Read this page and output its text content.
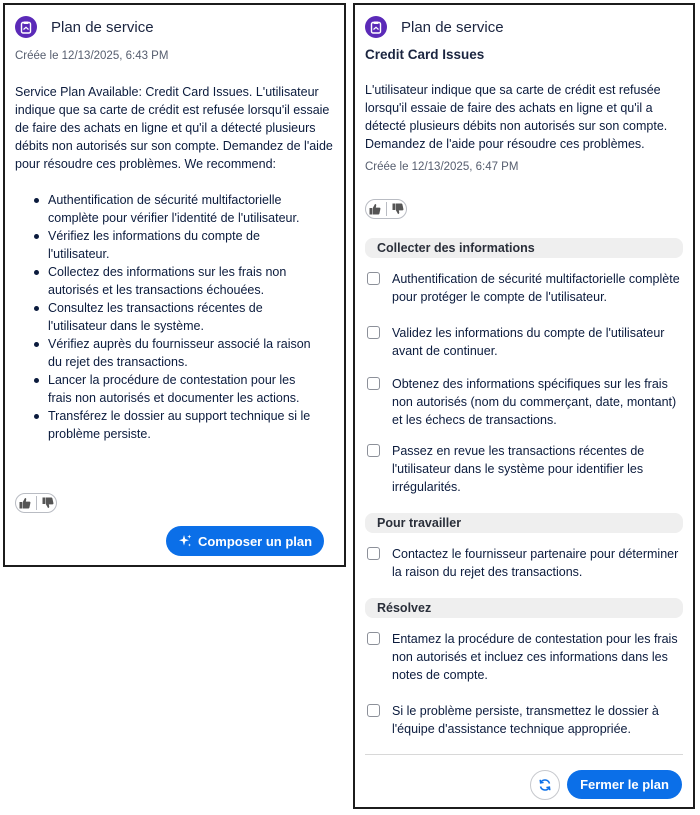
Plan de service
Créée le 12/13/2025, 6:43 PM
Service Plan Available: Credit Card Issues. L'utilisateur indique que sa carte de crédit est refusée lorsqu'il essaie de faire des achats en ligne et qu'il a détecté plusieurs débits non autorisés sur son compte. Demandez de l'aide pour résoudre ces problèmes. We recommend:
Authentification de sécurité multifactorielle complète pour vérifier l'identité de l'utilisateur.
Vérifiez les informations du compte de l'utilisateur.
Collectez des informations sur les frais non autorisés et les transactions échouées.
Consultez les transactions récentes de l'utilisateur dans le système.
Vérifiez auprès du fournisseur associé la raison du rejet des transactions.
Lancer la procédure de contestation pour les frais non autorisés et documenter les actions.
Transférez le dossier au support technique si le problème persiste.
Composer un plan
Plan de service
Credit Card Issues
L'utilisateur indique que sa carte de crédit est refusée lorsqu'il essaie de faire des achats en ligne et qu'il a détecté plusieurs débits non autorisés sur son compte. Demandez de l'aide pour résoudre ces problèmes.
Créée le 12/13/2025, 6:47 PM
Collecter des informations
Authentification de sécurité multifactorielle complète pour protéger le compte de l'utilisateur.
Validez les informations du compte de l'utilisateur avant de continuer.
Obtenez des informations spécifiques sur les frais non autorisés (nom du commerçant, date, montant) et les échecs de transactions.
Passez en revue les transactions récentes de l'utilisateur dans le système pour identifier les irrégularités.
Pour travailler
Contactez le fournisseur partenaire pour déterminer la raison du rejet des transactions.
Résolvez
Entamez la procédure de contestation pour les frais non autorisés et incluez ces informations dans les notes de compte.
Si le problème persiste, transmettez le dossier à l'équipe d'assistance technique appropriée.
Fermer le plan
